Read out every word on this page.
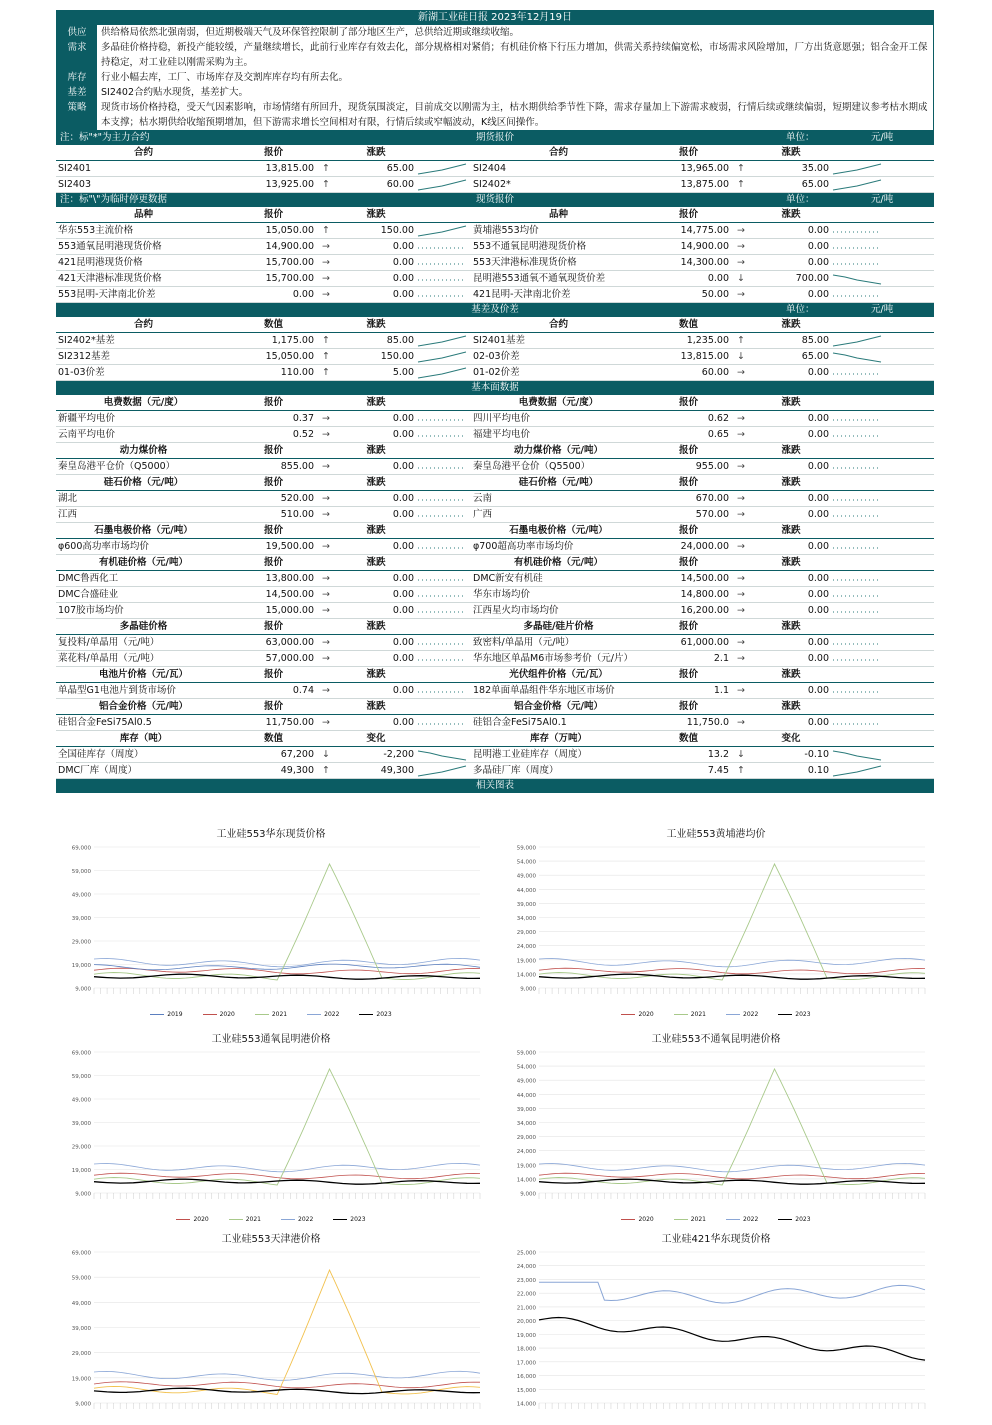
新湖工业硅日报 2023年12月19日
供应	供给格局依然北强南弱，但近期极端天气及环保管控限制了部分地区生产，总供给近期或继续收缩。
需求	多晶硅价格持稳，新投产能较缓，产量继续增长，此前行业库存有效去化，部分规格相对紧俏；有机硅价格下行压力增加，供需关系持续偏宽松，市场需求风险增加，厂方出货意愿强；铝合金开工保持稳定，对工业硅以刚需采购为主。
库存	行业小幅去库，工厂、市场库存及交割库库存均有所去化。
基差	SI2402合约贴水现货，基差扩大。
策略	现货市场价格持稳，受天气因素影响，市场情绪有所回升，现货氛围淡定，目前成交以刚需为主，枯水期供给季节性下降，需求存量加上下游需求疲弱，行情后续或继续偏弱，短期建议参考枯水期成本支撑；枯水期供给收缩预期增加，但下游需求增长空间相对有限，行情后续或窄幅波动，K线区间操作。
注：标"*"为主力合约	期货报价	单位：	元/吨
合约	报价		涨跌		合约	报价		涨跌	
SI2401	13,815.00	↑	65.00		SI2404	13,965.00	↑	35.00	

SI2403	13,925.00	↑	60.00		SI2402*	13,875.00	↑	65.00	
注：标"\"为临时停更数据	现货报价	单位：	元/吨
品种	报价		涨跌		品种	报价		涨跌	
华东553主流价格	15,050.00	↑	150.00		黄埔港553均价	14,775.00	→	0.00	

553通氧昆明港现货价格	14,900.00	→	0.00		553不通氧昆明港现货价格	14,900.00	→	0.00	

421昆明港现货价格	15,700.00	→	0.00		553天津港标准现货价格	14,300.00	→	0.00	

421天津港标准现货价格	15,700.00	→	0.00		昆明港553通氧不通氧现货价差	0.00	↓	700.00	

553昆明-天津南北价差	0.00	→	0.00		421昆明-天津南北价差	50.00	→	0.00	
基差及价差	单位：	元/吨
合约	数值		涨跌		合约	数值		涨跌	
SI2402*基差	1,175.00	↑	85.00		SI2401基差	1,235.00	↑	85.00	

SI2312基差	15,050.00	↑	150.00		02-03价差	13,815.00	↓	65.00	

01-03价差	110.00	↑	5.00		01-02价差	60.00	→	0.00	
基本面数据
电费数据（元/度）	报价		涨跌		电费数据（元/度）	报价		涨跌	
新疆平均电价	0.37	→	0.00		四川平均电价	0.62	→	0.00	

云南平均电价	0.52	→	0.00		福建平均电价	0.65	→	0.00	
动力煤价格	报价		涨跌		动力煤价格（元/吨）	报价		涨跌	
秦皇岛港平仓价（Q5000）	855.00	→	0.00		秦皇岛港平仓价（Q5500）	955.00	→	0.00	
硅石价格（元/吨）	报价		涨跌		硅石价格（元/吨）	报价		涨跌	
湖北	520.00	→	0.00		云南	670.00	→	0.00	

江西	510.00	→	0.00		广西	570.00	→	0.00	
石墨电极价格（元/吨）	报价		涨跌		石墨电极价格（元/吨）	报价		涨跌	
φ600高功率市场均价	19,500.00	→	0.00		φ700超高功率市场均价	24,000.00	→	0.00	
有机硅价格（元/吨）	报价		涨跌		有机硅价格（元/吨）	报价		涨跌	
DMC鲁西化工	13,800.00	→	0.00		DMC新安有机硅	14,500.00	→	0.00	

DMC合盛硅业	14,500.00	→	0.00		华东市场均价	14,800.00	→	0.00	

107胶市场均价	15,000.00	→	0.00		江西星火均市场均价	16,200.00	→	0.00	
多晶硅价格	报价		涨跌		多晶硅/硅片价格	报价		涨跌	
复投料/单晶用（元/吨）	63,000.00	→	0.00		致密料/单晶用（元/吨）	61,000.00	→	0.00	

菜花料/单晶用（元/吨）	57,000.00	→	0.00		华东地区单晶M6市场参考价（元/片）	2.1	→	0.00	
电池片价格（元/瓦）	报价		涨跌		光伏组件价格（元/瓦）	报价		涨跌	
单晶型G1电池片到货市场价	0.74	→	0.00		182单面单晶组件华东地区市场价	1.1	→	0.00	
铝合金价格（元/吨）	报价		涨跌		铝合金价格（元/吨）	报价		涨跌	
硅铝合金FeSi75Al0.5	11,750.00	→	0.00		硅铝合金FeSi75Al0.1	11,750.0	→	0.00	
库存（吨）	数值		变化		库存（万吨）	数值		变化	
全国硅库存（周度）	67,200	↓	-2,200		昆明港工业硅库存（周度）	13.2	↓	-0.10	

DMC厂库（周度）	49,300	↑	49,300		多晶硅厂库（周度）	7.45	↑	0.10	
相关图表
工业硅553华东现货价格
69,000
59,000
49,000
39,000
29,000
19,000
9,000
2019	2020	2021	2022	2023
工业硅553黄埔港均价
59,000
54,000
49,000
44,000
39,000
34,000
29,000
24,000
19,000
14,000
9,000
2020	2021	2022	2023
工业硅553通氧昆明港价格
69,000
59,000
49,000
39,000
29,000
19,000
9,000
2020	2021	2022	2023
工业硅553不通氧昆明港价格
59,000
54,000
49,000
44,000
39,000
34,000
29,000
24,000
19,000
14,000
9,000
2020	2021	2022	2023
工业硅553天津港价格
69,000
59,000
49,000
39,000
29,000
19,000
9,000
工业硅421华东现货价格
25,000
24,000
23,000
22,000
21,000
20,000
19,000
18,000
17,000
16,000
15,000
14,000
